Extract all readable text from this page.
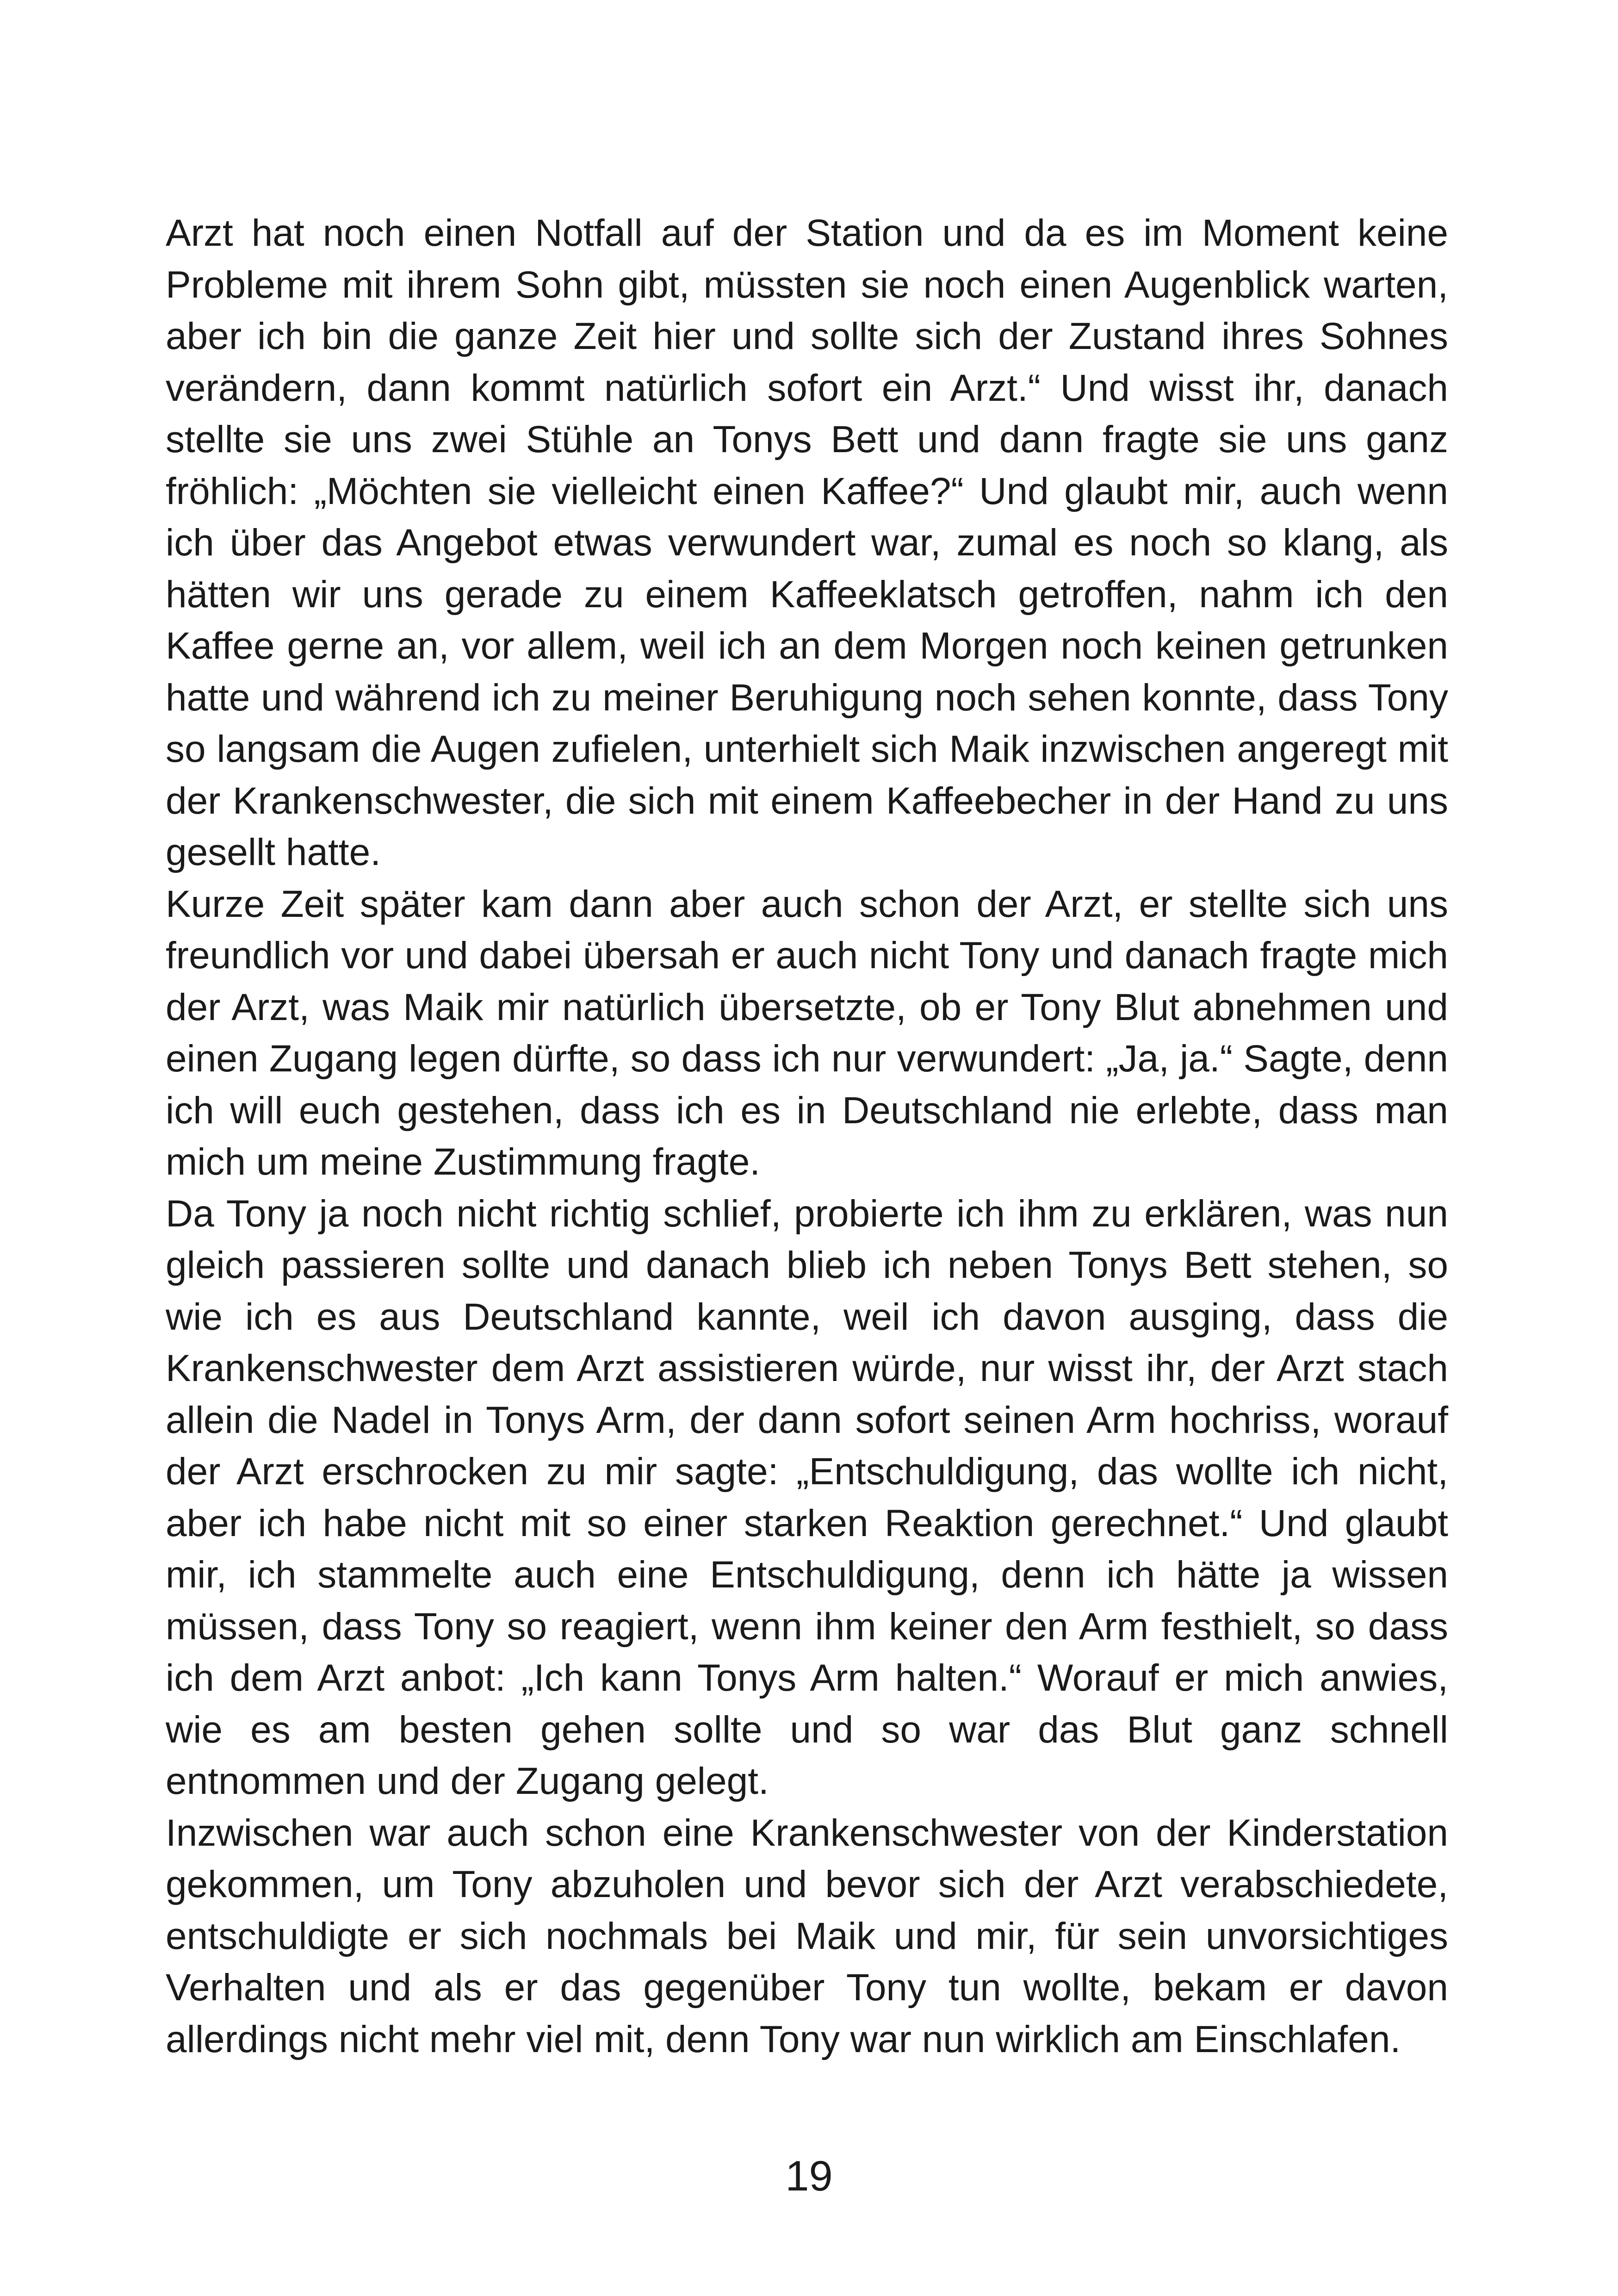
Arzt hat noch einen Notfall auf der Station und da es im Moment keine Probleme mit ihrem Sohn gibt, müssten sie noch einen Augenblick warten, aber ich bin die ganze Zeit hier und sollte sich der Zustand ihres Sohnes verändern, dann kommt natürlich sofort ein Arzt.“ Und wisst ihr, danach stellte sie uns zwei Stühle an Tonys Bett und dann fragte sie uns ganz fröhlich: „Möchten sie vielleicht einen Kaffee?“ Und glaubt mir, auch wenn ich über das Angebot etwas verwundert war, zumal es noch so klang, als hätten wir uns gerade zu einem Kaffeeklatsch getroffen, nahm ich den Kaffee gerne an, vor allem, weil ich an dem Morgen noch keinen getrunken hatte und während ich zu meiner Beruhigung noch sehen konnte, dass Tony so langsam die Augen zufielen, unterhielt sich Maik inzwischen angeregt mit der Krankenschwester, die sich mit einem Kaffeebecher in der Hand zu uns gesellt hatte.

Kurze Zeit später kam dann aber auch schon der Arzt, er stellte sich uns freundlich vor und dabei übersah er auch nicht Tony und danach fragte mich der Arzt, was Maik mir natürlich übersetzte, ob er Tony Blut abnehmen und einen Zugang legen dürfte, so dass ich nur verwundert: „Ja, ja.“ Sagte, denn ich will euch gestehen, dass ich es in Deutschland nie erlebte, dass man mich um meine Zustimmung fragte.

Da Tony ja noch nicht richtig schlief, probierte ich ihm zu erklären, was nun gleich passieren sollte und danach blieb ich neben Tonys Bett stehen, so wie ich es aus Deutschland kannte, weil ich davon ausging, dass die Krankenschwester dem Arzt assistieren würde, nur wisst ihr, der Arzt stach allein die Nadel in Tonys Arm, der dann sofort seinen Arm hochriss, worauf der Arzt erschrocken zu mir sagte: „Entschuldigung, das wollte ich nicht, aber ich habe nicht mit so einer starken Reaktion gerechnet.“ Und glaubt mir, ich stammelte auch eine Entschuldigung, denn ich hätte ja wissen müssen, dass Tony so reagiert, wenn ihm keiner den Arm festhielt, so dass ich dem Arzt anbot: „Ich kann Tonys Arm halten.“ Worauf er mich anwies, wie es am besten gehen sollte und so war das Blut ganz schnell entnommen und der Zugang gelegt.

Inzwischen war auch schon eine Krankenschwester von der Kinderstation gekommen, um Tony abzuholen und bevor sich der Arzt verabschiedete, entschuldigte er sich nochmals bei Maik und mir, für sein unvorsichtiges Verhalten und als er das gegenüber Tony tun wollte, bekam er davon allerdings nicht mehr viel mit, denn Tony war nun wirklich am Einschlafen.

19
